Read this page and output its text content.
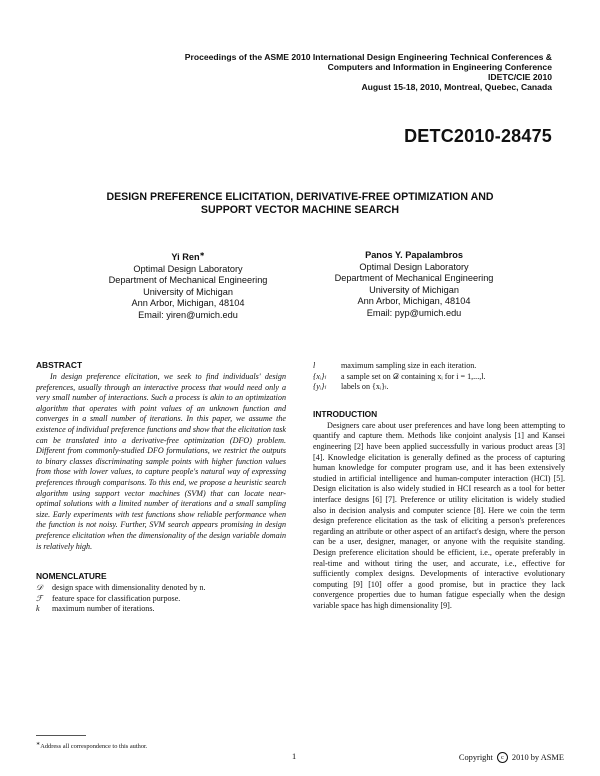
Proceedings of the ASME 2010 International Design Engineering Technical Conferences &
Computers and Information in Engineering Conference
IDETC/CIE 2010
August 15-18, 2010, Montreal, Quebec, Canada
DETC2010-28475
DESIGN PREFERENCE ELICITATION, DERIVATIVE-FREE OPTIMIZATION AND
SUPPORT VECTOR MACHINE SEARCH
Yi Ren∗
Optimal Design Laboratory
Department of Mechanical Engineering
University of Michigan
Ann Arbor, Michigan, 48104
Email: yiren@umich.edu
Panos Y. Papalambros
Optimal Design Laboratory
Department of Mechanical Engineering
University of Michigan
Ann Arbor, Michigan, 48104
Email: pyp@umich.edu
ABSTRACT

In design preference elicitation, we seek to find individuals' design preferences, usually through an interactive process that would need only a very small number of interactions. Such a process is akin to an optimization algorithm that operates with point values of an unknown function and converges in a small number of iterations. In this paper, we assume the existence of individual preference functions and show that the elicitation task can be translated into a derivative-free optimization (DFO) problem. Different from commonly-studied DFO formulations, we restrict the outputs to binary classes discriminating sample points with higher function values from those with lower values, to capture people's natural way of expressing preferences through comparisons. To this end, we propose a heuristic search algorithm using support vector machines (SVM) that can locate near-optimal solutions with a limited number of iterations and a small sampling size. Early experiments with test functions show reliable performance when the function is not noisy. Further, SVM search appears promising in design preference elicitation when the dimensionality of the design variable domain is relatively high.

NOMENCLATURE
𝒟	design space with dimensionality denoted by n.
ℱ	feature space for classification purpose.
k	maximum number of iterations.
l	maximum sampling size in each iteration.
{xᵢ}ₗ	a sample set on 𝒟 containing xᵢ for i = 1,...,l.
{yᵢ}ₗ	labels on {xᵢ}ₗ.
INTRODUCTION

Designers care about user preferences and have long been attempting to quantify and capture them. Methods like conjoint analysis [1] and Kansei engineering [2] have been applied successfully in various product areas [3] [4]. Knowledge elicitation is generally defined as the process of capturing human knowledge for computer program use, and it has been extensively studied in artificial intelligence and human-computer interaction (HCI) [5]. Design elicitation is also widely studied in HCI research as a tool for better interface designs [6] [7]. Preference or utility elicitation is widely studied also in decision analysis and computer science [8]. Here we coin the term design preference elicitation as the task of eliciting a person's preferences regarding an attribute or other aspect of an artifact's design, where the person can be a user, designer, manager, or anyone with the requisite standing. Design preference elicitation should be efficient, i.e., operate preferably in real-time and without tiring the user, and accurate, i.e., effective for sufficiently complex designs. Developments of interactive evolutionary computing [9] [10] offer a good promise, but in practice they lack convergence properties due to human fatigue especially when the design variable space has high dimensionality [9].

∗Address all correspondence to this author.
1	Copyright	c 2010 by ASME
